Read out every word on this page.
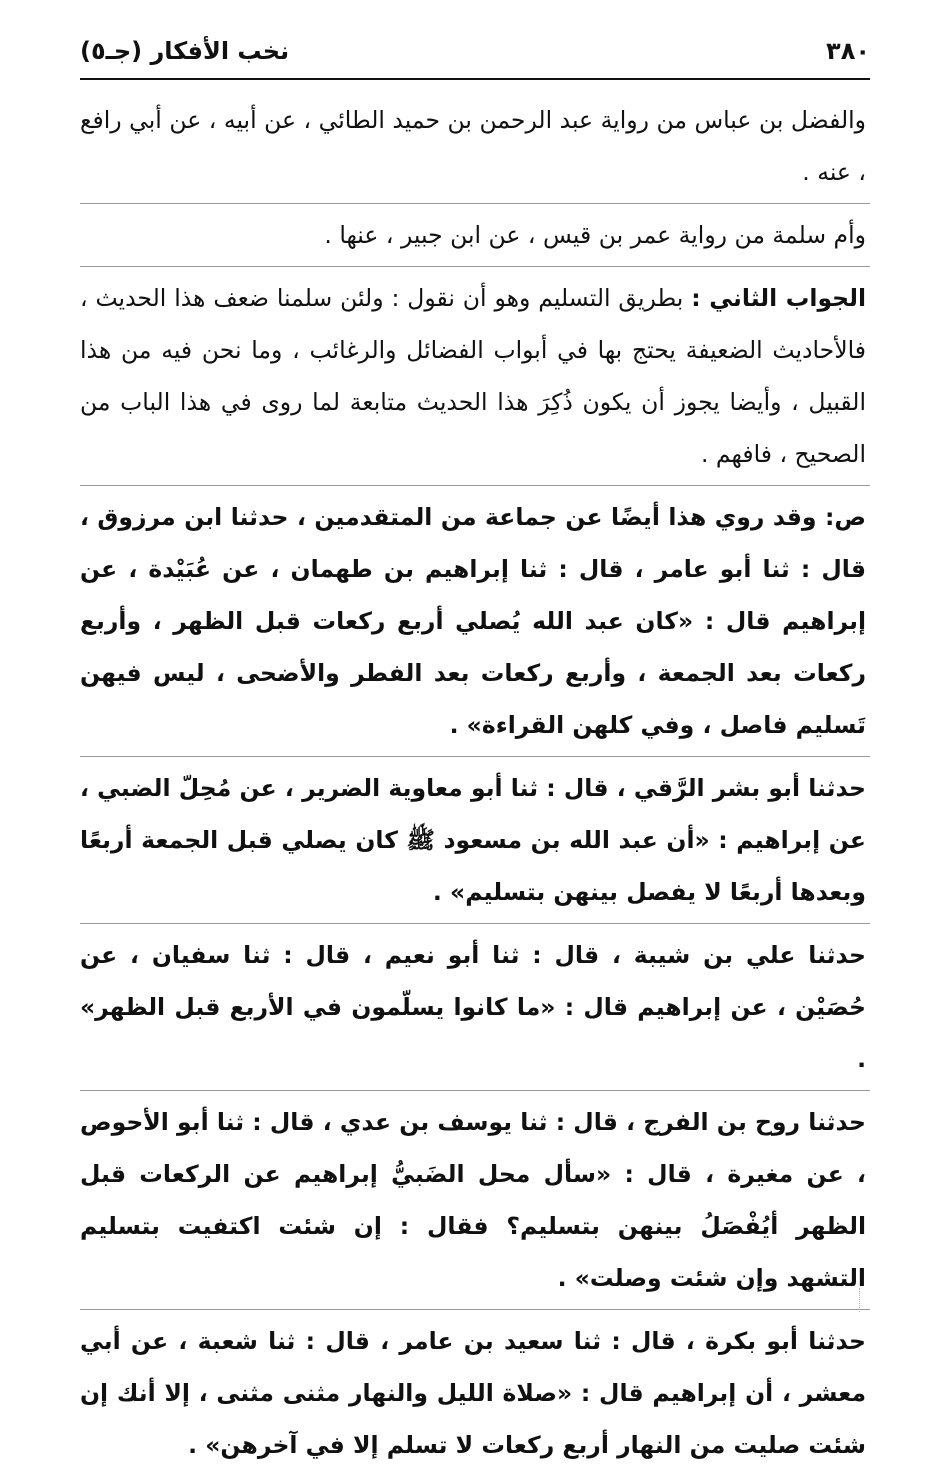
٣٨٠
نخب الأفكار (جـ٥)

والفضل بن عباس من رواية عبد الرحمن بن حميد الطائي ، عن أبيه ، عن أبي رافع ، عنه .

وأم سلمة من رواية عمر بن قيس ، عن ابن جبير ، عنها .

الجواب الثاني : بطريق التسليم وهو أن نقول : ولئن سلمنا ضعف هذا الحديث ، فالأحاديث الضعيفة يحتج بها في أبواب الفضائل والرغائب ، وما نحن فيه من هذا القبيل ، وأيضا يجوز أن يكون ذُكِرَ هذا الحديث متابعة لما روى في هذا الباب من الصحيح ، فافهم .

ص: وقد روي هذا أيضًا عن جماعة من المتقدمين ، حدثنا ابن مرزوق ، قال : ثنا أبو عامر ، قال : ثنا إبراهيم بن طهمان ، عن عُبَيْدة ، عن إبراهيم قال : «كان عبد الله يُصلي أربع ركعات قبل الظهر ، وأربع ركعات بعد الجمعة ، وأربع ركعات بعد الفطر والأضحى ، ليس فيهن تَسليم فاصل ، وفي كلهن القراءة» .

حدثنا أبو بشر الرَّقي ، قال : ثنا أبو معاوية الضرير ، عن مُحِلّ الضبي ، عن إبراهيم : «أن عبد الله بن مسعود ﷺ كان يصلي قبل الجمعة أربعًا وبعدها أربعًا لا يفصل بينهن بتسليم» .

حدثنا علي بن شيبة ، قال : ثنا أبو نعيم ، قال : ثنا سفيان ، عن حُصَيْن ، عن إبراهيم قال : «ما كانوا يسلّمون في الأربع قبل الظهر» .

حدثنا روح بن الفرج ، قال : ثنا يوسف بن عدي ، قال : ثنا أبو الأحوص ، عن مغيرة ، قال : «سأل محل الضَبيُّ إبراهيم عن الركعات قبل الظهر أيُفْصَلُ بينهن بتسليم؟ فقال : إن شئت اكتفيت بتسليم التشهد وإن شئت وصلت» .

حدثنا أبو بكرة ، قال : ثنا سعيد بن عامر ، قال : ثنا شعبة ، عن أبي معشر ، أن إبراهيم قال : «صلاة الليل والنهار مثنى مثنى ، إلا أنك إن شئت صليت من النهار أربع ركعات لا تسلم إلا في آخرهن» .
